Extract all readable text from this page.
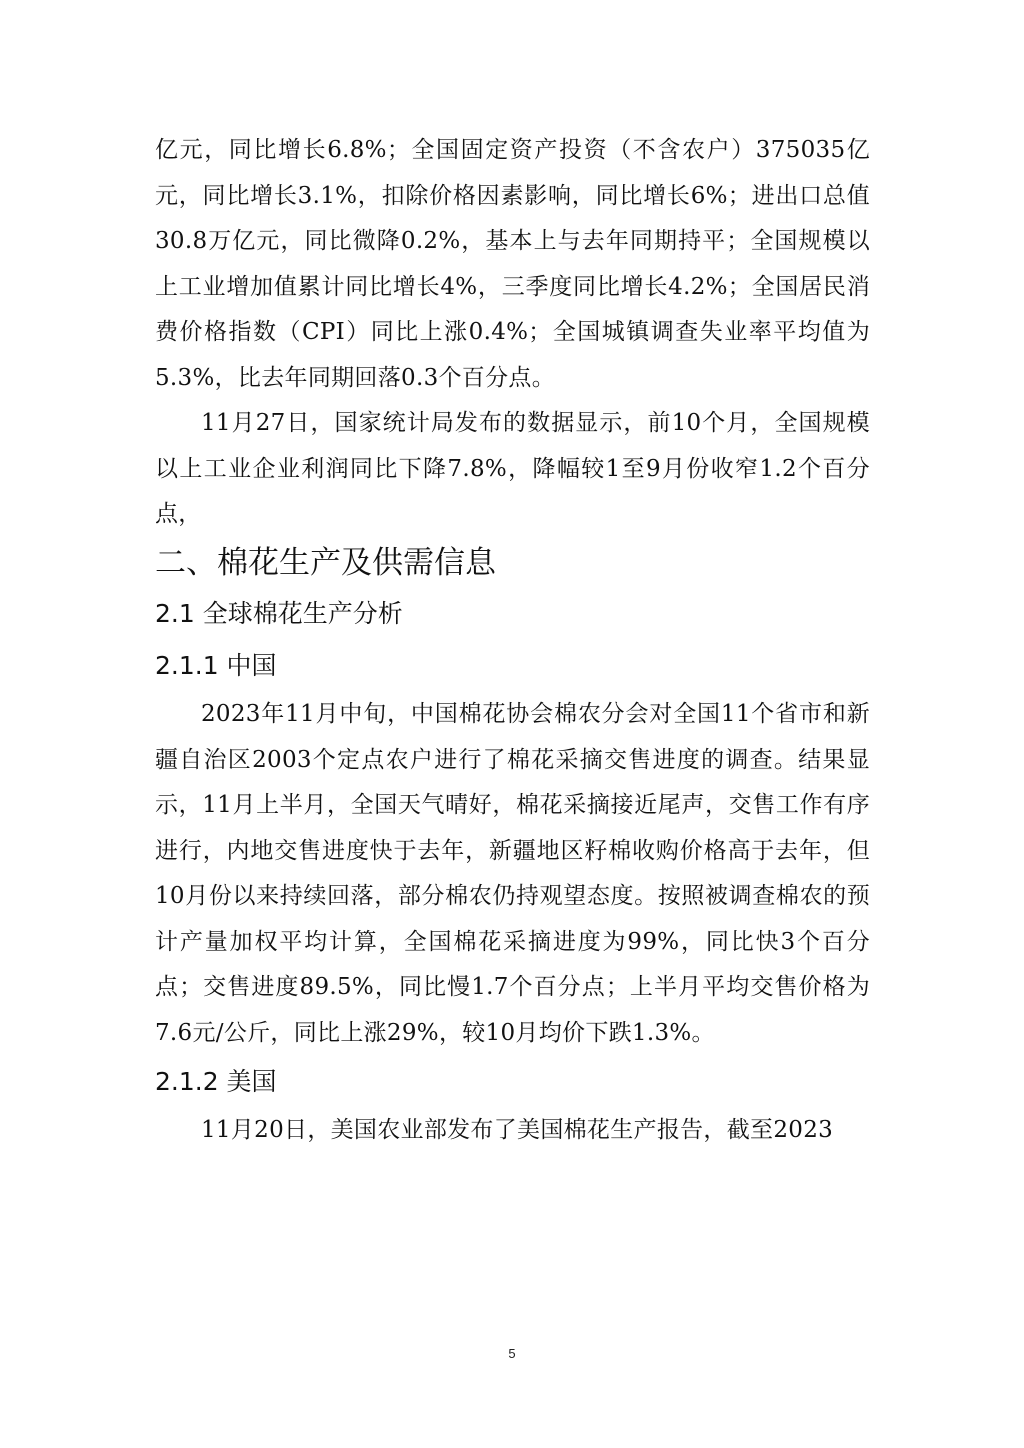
亿元，同比增长6.8%；全国固定资产投资（不含农户）375035亿元，同比增长3.1%，扣除价格因素影响，同比增长6%；进出口总值30.8万亿元，同比微降0.2%，基本上与去年同期持平；全国规模以上工业增加值累计同比增长4%，三季度同比增长4.2%；全国居民消费价格指数（CPI）同比上涨0.4%；全国城镇调查失业率平均值为5.3%，比去年同期回落0.3个百分点。

11月27日，国家统计局发布的数据显示，前10个月，全国规模以上工业企业利润同比下降7.8%，降幅较1至9月份收窄1.2个百分点，

二、棉花生产及供需信息
2.1 全球棉花生产分析
2.1.1 中国

2023年11月中旬，中国棉花协会棉农分会对全国11个省市和新疆自治区2003个定点农户进行了棉花采摘交售进度的调查。结果显示，11月上半月，全国天气晴好，棉花采摘接近尾声，交售工作有序进行，内地交售进度快于去年，新疆地区籽棉收购价格高于去年，但10月份以来持续回落，部分棉农仍持观望态度。按照被调查棉农的预计产量加权平均计算，全国棉花采摘进度为99%，同比快3个百分点；交售进度89.5%，同比慢1.7个百分点；上半月平均交售价格为7.6元/公斤，同比上涨29%，较10月均价下跌1.3%。

2.1.2 美国

11月20日，美国农业部发布了美国棉花生产报告，截至2023

5
